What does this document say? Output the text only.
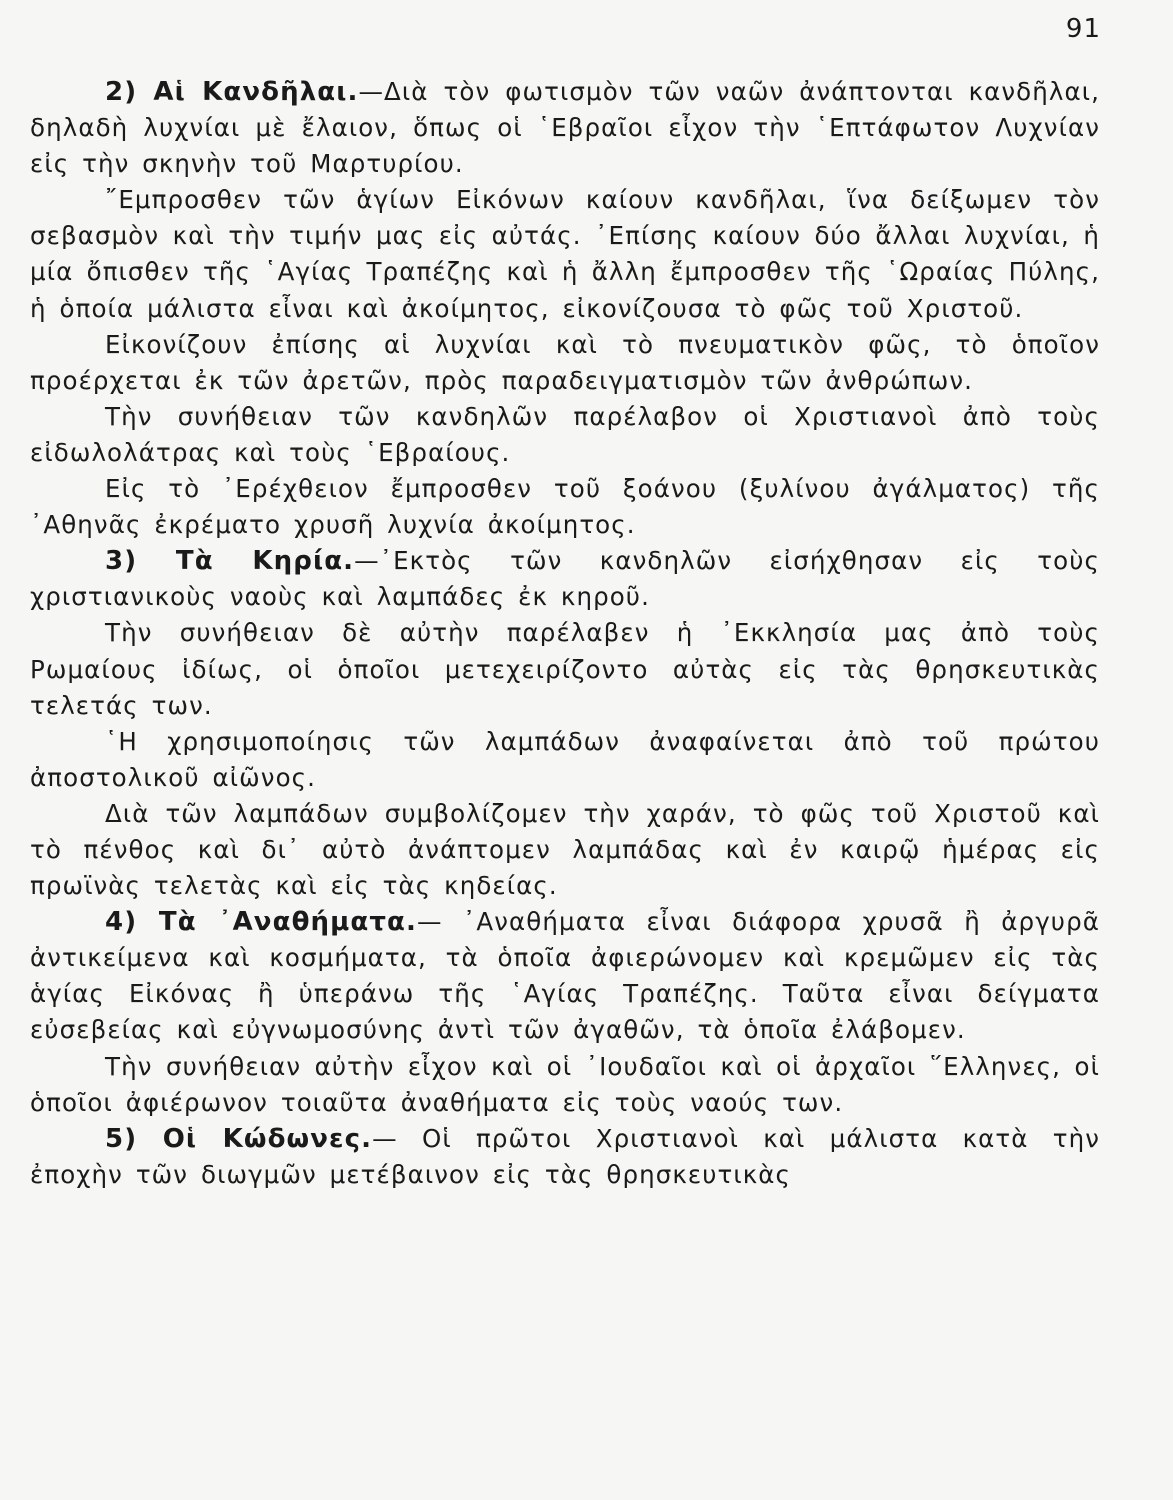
91

2) Αἱ Κανδῆλαι.—Διὰ τὸν φωτισμὸν τῶν ναῶν ἀνάπτονται κανδῆλαι, δηλαδὴ λυχνίαι μὲ ἔλαιον, ὅπως οἱ ῾Εβραῖοι εἶχον τὴν ῾Επτάφωτον Λυχνίαν εἰς τὴν σκηνὴν τοῦ Μαρτυρίου.

῎Εμπροσθεν τῶν ἁγίων Εἰκόνων καίουν κανδῆλαι, ἵνα δείξωμεν τὸν σεβασμὸν καὶ τὴν τιμήν μας εἰς αὐτάς. ᾿Επίσης καίουν δύο ἄλλαι λυχνίαι, ἡ μία ὄπισθεν τῆς ῾Αγίας Τραπέζης καὶ ἡ ἄλλη ἔμπροσθεν τῆς ῾Ωραίας Πύλης, ἡ ὁποία μάλιστα εἶναι καὶ ἀκοίμητος, εἰκονίζουσα τὸ φῶς τοῦ Χριστοῦ.

Εἰκονίζουν ἐπίσης αἱ λυχνίαι καὶ τὸ πνευματικὸν φῶς, τὸ ὁποῖον προέρχεται ἐκ τῶν ἀρετῶν, πρὸς παραδειγματισμὸν τῶν ἀνθρώπων.

Τὴν συνήθειαν τῶν κανδηλῶν παρέλαβον οἱ Χριστιανοὶ ἀπὸ τοὺς εἰδωλολάτρας καὶ τοὺς ῾Εβραίους.

Εἰς τὸ ᾿Ερέχθειον ἔμπροσθεν τοῦ ξοάνου (ξυλίνου ἀγάλματος) τῆς ᾿Αθηνᾶς ἐκρέματο χρυσῆ λυχνία ἀκοίμητος.

3) Τὰ Κηρία.—᾿Εκτὸς τῶν κανδηλῶν εἰσήχθησαν εἰς τοὺς χριστιανικοὺς ναοὺς καὶ λαμπάδες ἐκ κηροῦ.

Τὴν συνήθειαν δὲ αὐτὴν παρέλαβεν ἡ ᾿Εκκλησία μας ἀπὸ τοὺς Ρωμαίους ἰδίως, οἱ ὁποῖοι μετεχειρίζοντο αὐτὰς εἰς τὰς θρησκευτικὰς τελετάς των.

῾Η χρησιμοποίησις τῶν λαμπάδων ἀναφαίνεται ἀπὸ τοῦ πρώτου ἀποστολικοῦ αἰῶνος.

Διὰ τῶν λαμπάδων συμβολίζομεν τὴν χαράν, τὸ φῶς τοῦ Χριστοῦ καὶ τὸ πένθος καὶ δι᾿ αὐτὸ ἀνάπτομεν λαμπάδας καὶ ἐν καιρῷ ἡμέρας εἰς πρωϊνὰς τελετὰς καὶ εἰς τὰς κηδείας.

4) Τὰ ᾿Αναθήματα.— ᾿Αναθήματα εἶναι διάφορα χρυσᾶ ἢ ἀργυρᾶ ἀντικείμενα καὶ κοσμήματα, τὰ ὁποῖα ἀφιερώνομεν καὶ κρεμῶμεν εἰς τὰς ἁγίας Εἰκόνας ἢ ὑπεράνω τῆς ῾Αγίας Τραπέζης. Ταῦτα εἶναι δείγματα εὐσεβείας καὶ εὐγνωμοσύνης ἀντὶ τῶν ἀγαθῶν, τὰ ὁποῖα ἐλάβομεν.

Τὴν συνήθειαν αὐτὴν εἶχον καὶ οἱ ᾿Ιουδαῖοι καὶ οἱ ἀρχαῖοι ῞Ελληνες, οἱ ὁποῖοι ἀφιέρωνον τοιαῦτα ἀναθήματα εἰς τοὺς ναούς των.

5) Οἱ Κώδωνες.— Οἱ πρῶτοι Χριστιανοὶ καὶ μάλιστα κατὰ τὴν ἐποχὴν τῶν διωγμῶν μετέβαινον εἰς τὰς θρησκευτικὰς
